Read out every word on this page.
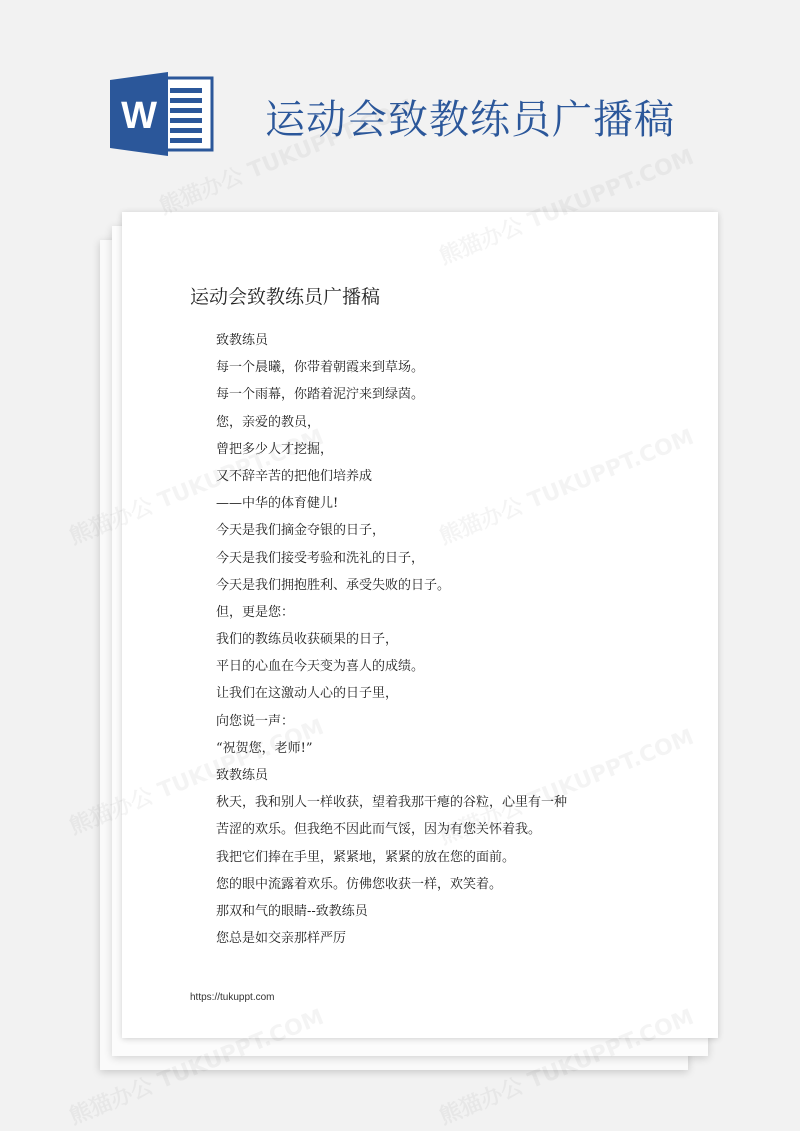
W	运动会致教练员广播稿
运动会致教练员广播稿
致教练员
每一个晨曦，你带着朝霞来到草场。
每一个雨幕，你踏着泥泞来到绿茵。
您，亲爱的教员，
曾把多少人才挖掘，
又不辞辛苦的把他们培养成
——中华的体育健儿!
今天是我们摘金夺银的日子，
今天是我们接受考验和洗礼的日子，
今天是我们拥抱胜利、承受失败的日子。
但，更是您：
我们的教练员收获硕果的日子，
平日的心血在今天变为喜人的成绩。
让我们在这激动人心的日子里，
向您说一声：
“祝贺您，老师!”
致教练员
秋天，我和别人一样收获，望着我那干瘪的谷粒，心里有一种
苦涩的欢乐。但我绝不因此而气馁，因为有您关怀着我。
我把它们捧在手里，紧紧地，紧紧的放在您的面前。
您的眼中流露着欢乐。仿佛您收获一样，欢笑着。
那双和气的眼睛--致教练员
您总是如交亲那样严厉
https://tukuppt.com
